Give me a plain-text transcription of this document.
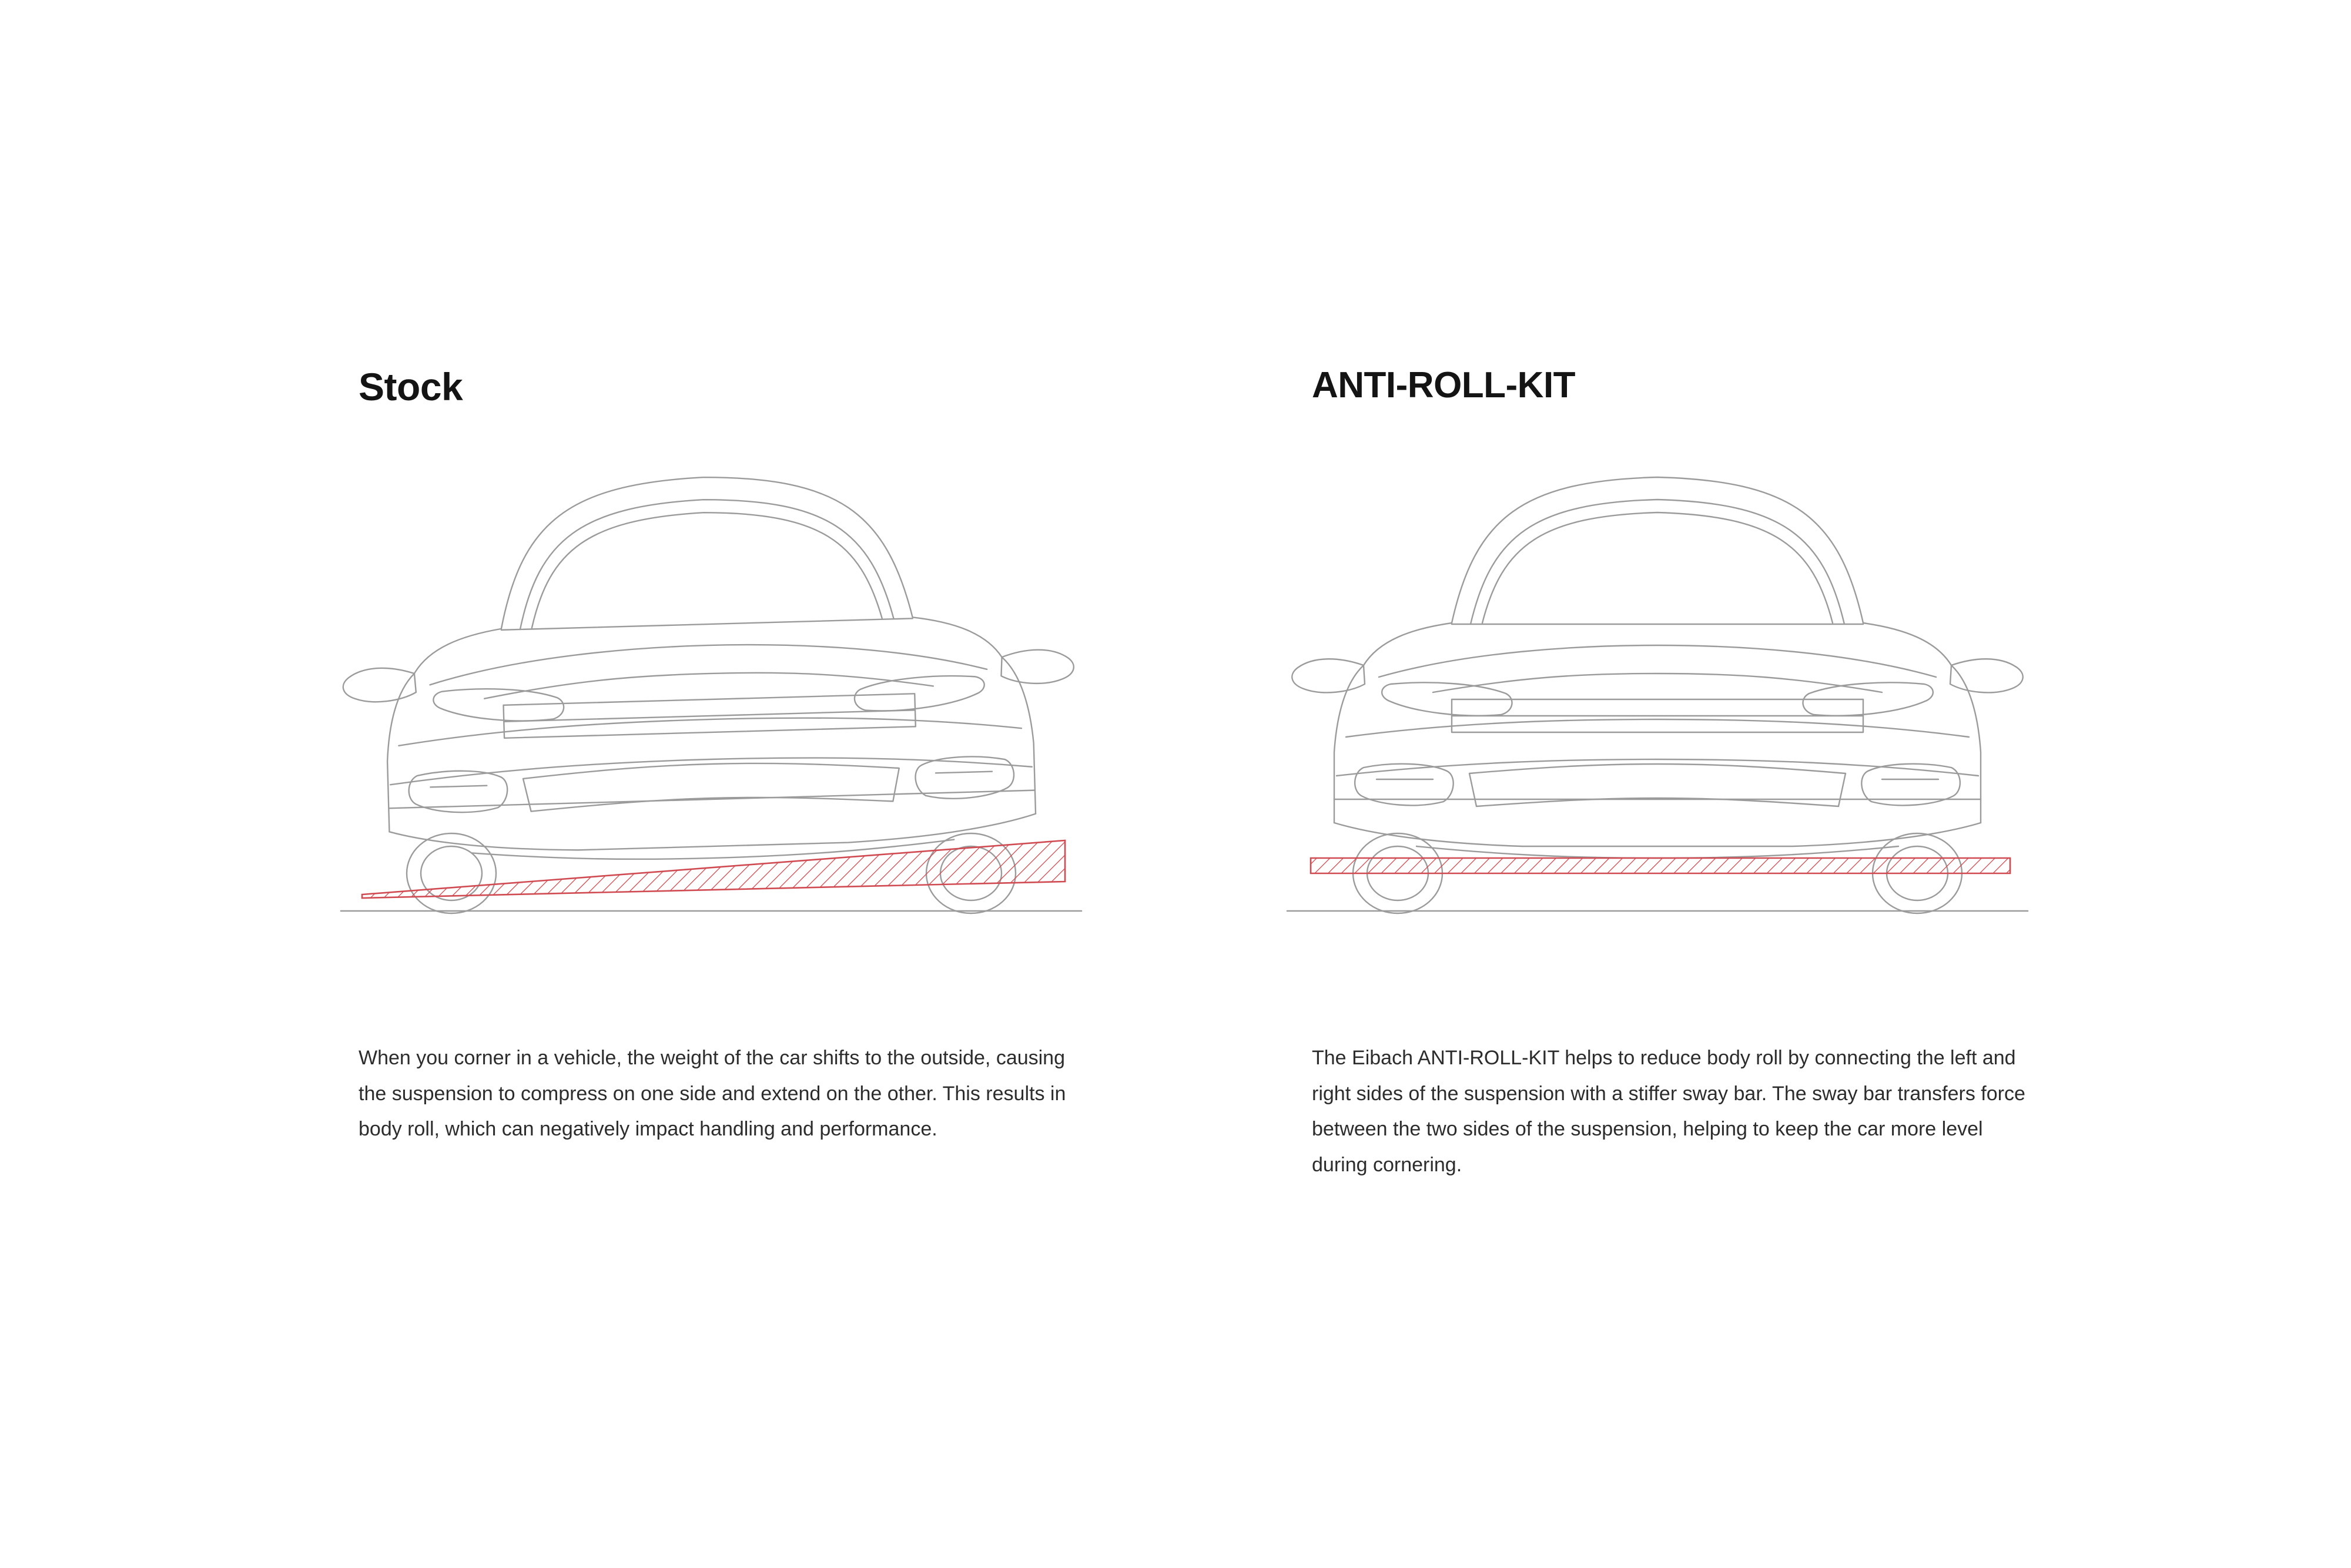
Stock
When you corner in a vehicle, the weight of the car shifts to the outside, causing the suspension to compress on one side and extend on the other. This results in body roll, which can negatively impact handling and performance.
ANTI-ROLL-KIT
The Eibach ANTI-ROLL-KIT helps to reduce body roll by connecting the left and right sides of the suspension with a stiffer sway bar. The sway bar transfers force between the two sides of the suspension, helping to keep the car more level during cornering.
